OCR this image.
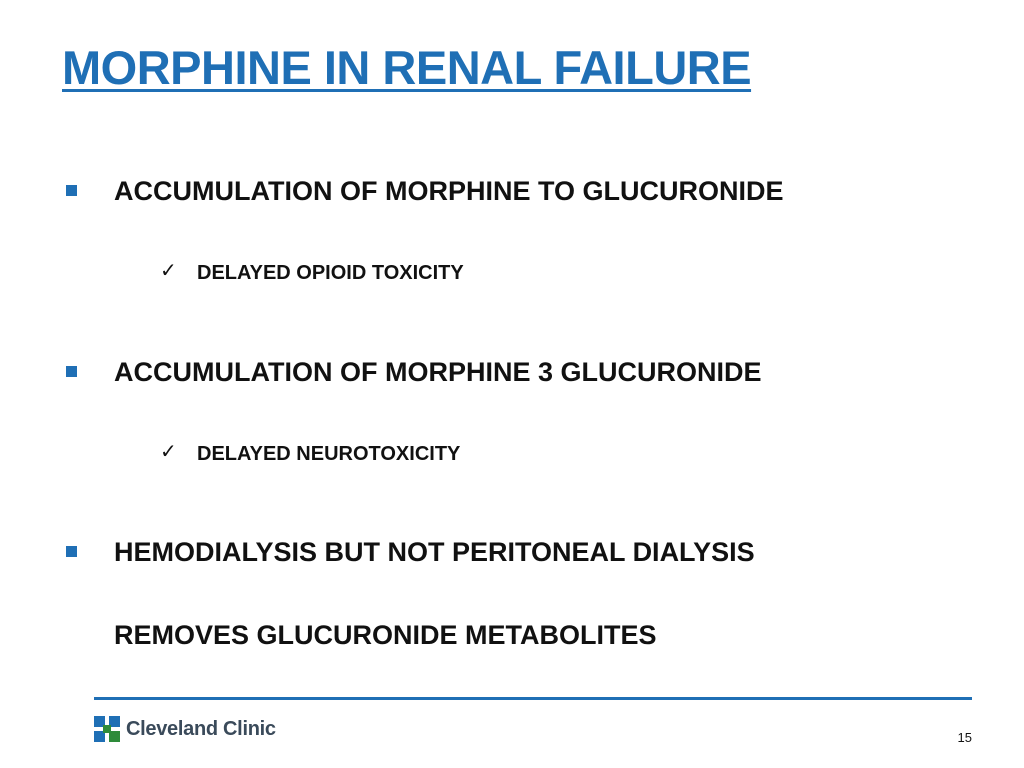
MORPHINE IN RENAL FAILURE
ACCUMULATION OF MORPHINE TO GLUCURONIDE
✓ DELAYED OPIOID TOXICITY
ACCUMULATION OF MORPHINE 3 GLUCURONIDE
✓ DELAYED NEUROTOXICITY
HEMODIALYSIS BUT NOT PERITONEAL DIALYSIS
REMOVES GLUCURONIDE METABOLITES
Cleveland Clinic	15
